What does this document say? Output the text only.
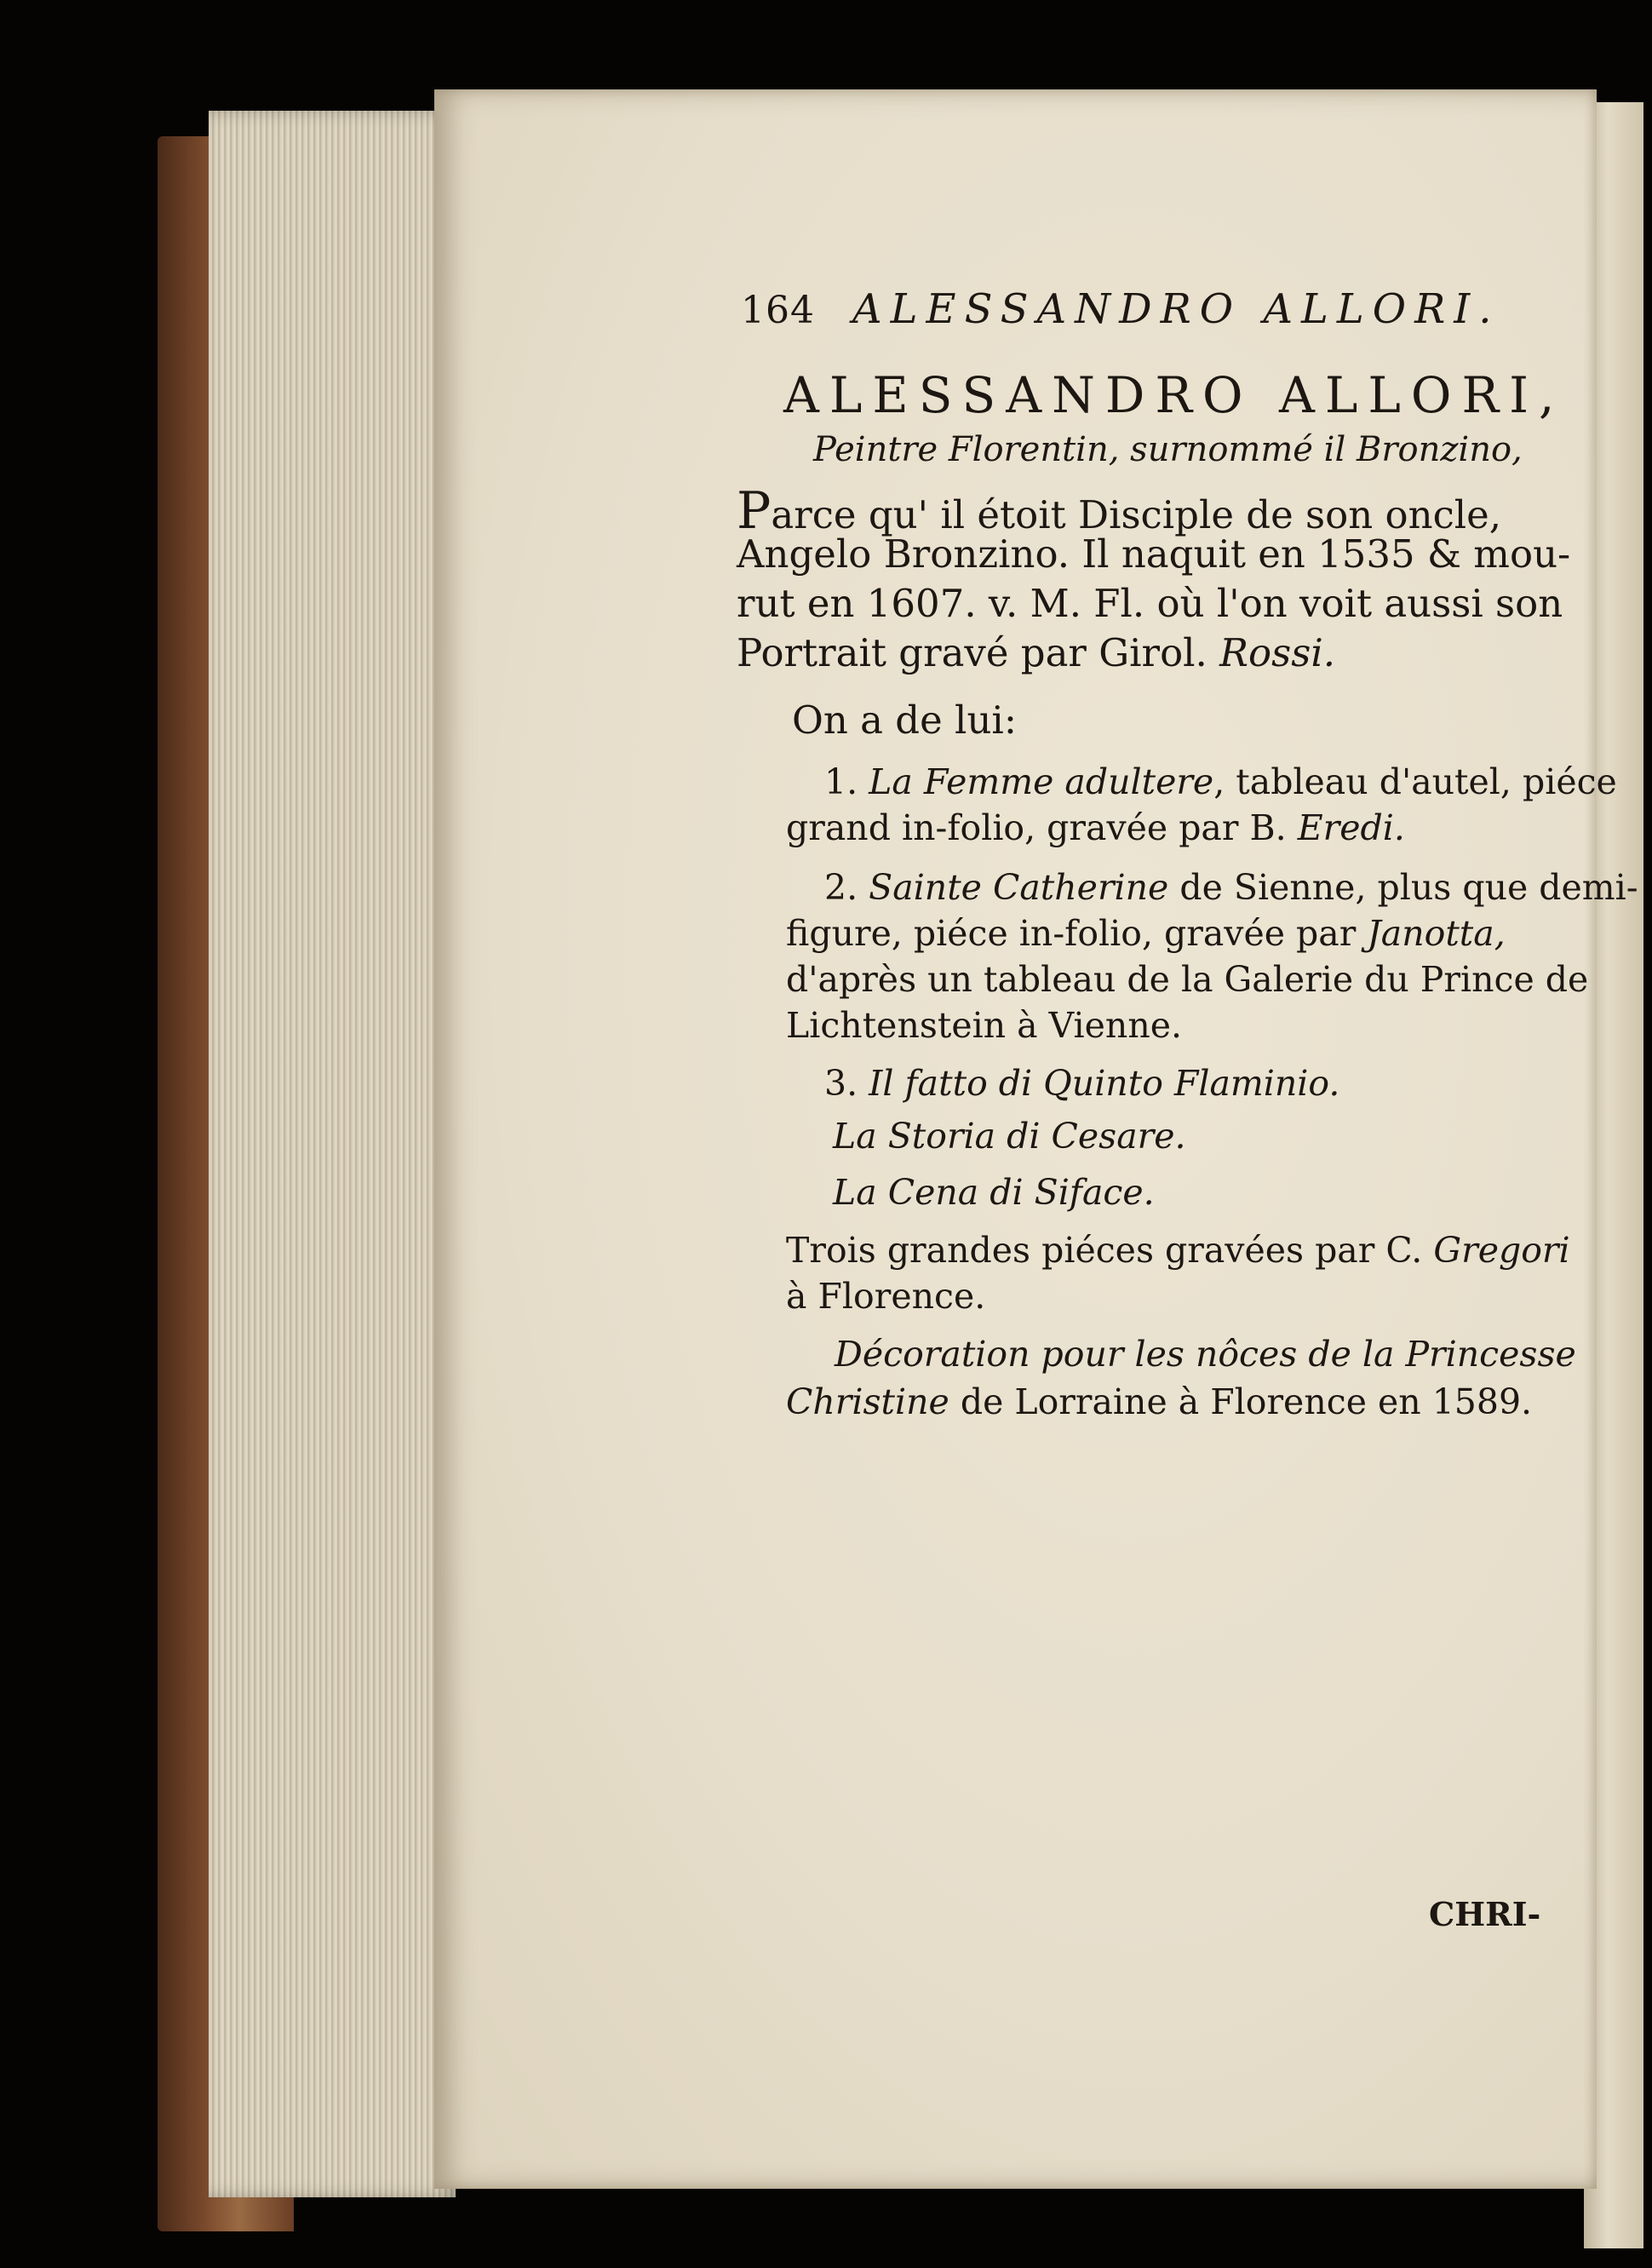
164 ALESSANDRO ALLORI.
ALESSANDRO ALLORI,
Peintre Florentin, surnommé il Bronzino,
Parce qu' il étoit Disciple de son oncle,
Angelo Bronzino. Il naquit en 1535 & mou-
rut en 1607. v. M. Fl. où l'on voit aussi son
Portrait gravé par Girol. Rossi.
On a de lui:
1. La Femme adultere, tableau d'autel, piéce
grand in-folio, gravée par B. Eredi.
2. Sainte Catherine de Sienne, plus que demi-
figure, piéce in-folio, gravée par Janotta,
d'après un tableau de la Galerie du Prince de
Lichtenstein à Vienne.
3. Il fatto di Quinto Flaminio.
La Storia di Cesare.
La Cena di Siface.
Trois grandes piéces gravées par C. Gregori
à Florence.
Décoration pour les nôces de la Princesse
Christine de Lorraine à Florence en 1589.
CHRI-
